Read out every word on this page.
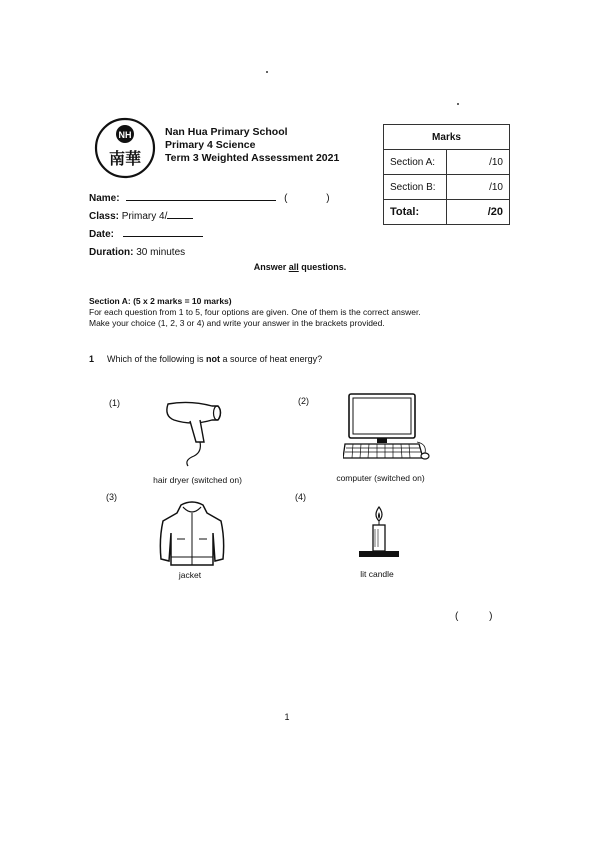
NH
南華
Nan Hua Primary School
Primary 4 Science
Term 3 Weighted Assessment 2021
Marks	
Section A:	/10
Section B:	/10
Total:	/20
Name:	(	)
Class: Primary 4/
Date:
Duration: 30 minutes
Answer all questions.
Section A: (5 x 2 marks = 10 marks)
For each question from 1 to 5, four options are given. One of them is the correct answer.
Make your choice (1, 2, 3 or 4) and write your answer in the brackets provided.
1 Which of the following is not a source of heat energy?
(1)
hair dryer (switched on)
(2)
computer (switched on)
(3)
jacket
(4)
lit candle
(	)
1
